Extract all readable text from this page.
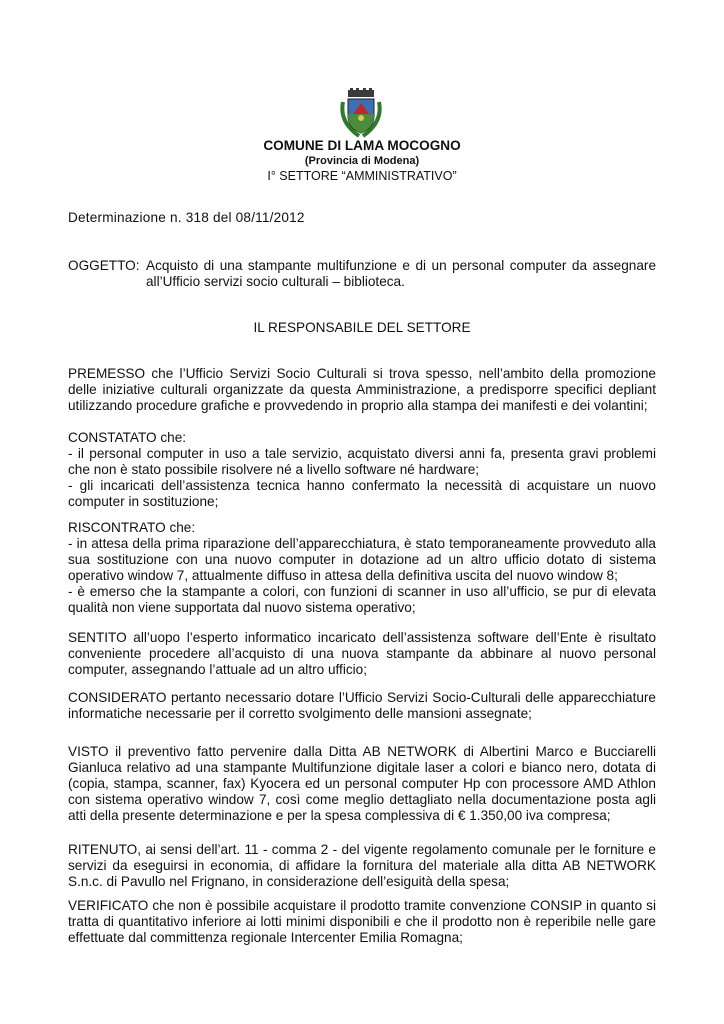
COMUNE DI LAMA MOCOGNO
(Provincia di Modena)
I° SETTORE “AMMINISTRATIVO”
Determinazione n. 318 del 08/11/2012
OGGETTO: Acquisto di una stampante multifunzione e di un personal computer da assegnare
all’Ufficio servizi socio culturali – biblioteca.
IL RESPONSABILE DEL SETTORE

PREMESSO che l’Ufficio Servizi Socio Culturali si trova spesso, nell’ambito della promozione delle iniziative culturali organizzate da questa Amministrazione, a predisporre specifici depliant utilizzando procedure grafiche e provvedendo in proprio alla stampa dei manifesti e dei volantini;

CONSTATATO che:

- il personal computer in uso a tale servizio, acquistato diversi anni fa, presenta gravi problemi che non è stato possibile risolvere né a livello software né hardware;

- gli incaricati dell’assistenza tecnica hanno confermato la necessità di acquistare un nuovo computer in sostituzione;

RISCONTRATO che:

- in attesa della prima riparazione dell’apparecchiatura, è stato temporaneamente provveduto alla sua sostituzione con una nuovo computer in dotazione ad un altro ufficio dotato di sistema operativo window 7, attualmente diffuso in attesa della definitiva uscita del nuovo window 8;

- è emerso che la stampante a colori, con funzioni di scanner in uso all’ufficio, se pur di elevata qualità non viene supportata dal nuovo sistema operativo;

SENTITO all’uopo l’esperto informatico incaricato dell’assistenza software dell’Ente è risultato conveniente procedere all’acquisto di una nuova stampante da abbinare al nuovo personal computer, assegnando l’attuale ad un altro ufficio;

CONSIDERATO pertanto necessario dotare l’Ufficio Servizi Socio-Culturali delle apparecchiature informatiche necessarie per il corretto svolgimento delle mansioni assegnate;

VISTO il preventivo fatto pervenire dalla Ditta AB NETWORK di Albertini Marco e Bucciarelli Gianluca relativo ad una stampante Multifunzione digitale laser a colori e bianco nero, dotata di (copia, stampa, scanner, fax) Kyocera ed un personal computer Hp con processore AMD Athlon con sistema operativo window 7, così come meglio dettagliato nella documentazione posta agli atti della presente determinazione e per la spesa complessiva di € 1.350,00 iva compresa;

RITENUTO, ai sensi dell’art. 11 - comma 2 - del vigente regolamento comunale per le forniture e servizi da eseguirsi in economia, di affidare la fornitura del materiale alla ditta AB NETWORK S.n.c. di Pavullo nel Frignano, in considerazione dell’esiguità della spesa;

VERIFICATO che non è possibile acquistare il prodotto tramite convenzione CONSIP in quanto si tratta di quantitativo inferiore ai lotti minimi disponibili e che il prodotto non è reperibile nelle gare effettuate dal committenza regionale Intercenter Emilia Romagna;
